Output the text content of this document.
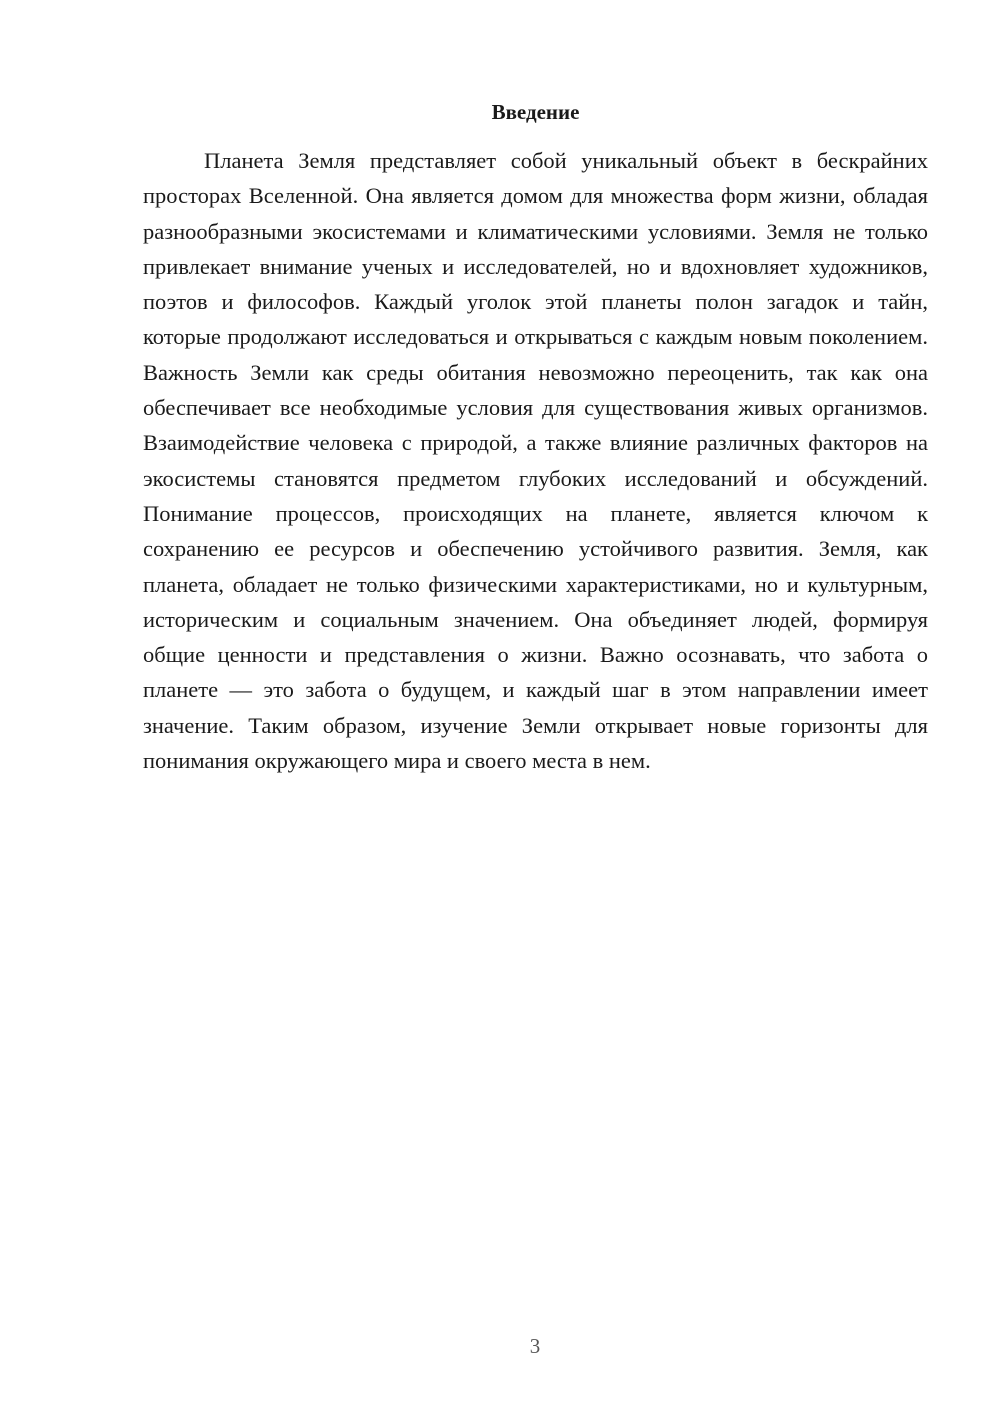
Введение

Планета Земля представляет собой уникальный объект в бескрайних просторах Вселенной. Она является домом для множества форм жизни, обладая разнообразными экосистемами и климатическими условиями. Земля не только привлекает внимание ученых и исследователей, но и вдохновляет художников, поэтов и философов. Каждый уголок этой планеты полон загадок и тайн, которые продолжают исследоваться и открываться с каждым новым поколением. Важность Земли как среды обитания невозможно переоценить, так как она обеспечивает все необходимые условия для существования живых организмов. Взаимодействие человека с природой, а также влияние различных факторов на экосистемы становятся предметом глубоких исследований и обсуждений. Понимание процессов, происходящих на планете, является ключом к сохранению ее ресурсов и обеспечению устойчивого развития. Земля, как планета, обладает не только физическими характеристиками, но и культурным, историческим и социальным значением. Она объединяет людей, формируя общие ценности и представления о жизни. Важно осознавать, что забота о планете — это забота о будущем, и каждый шаг в этом направлении имеет значение. Таким образом, изучение Земли открывает новые горизонты для понимания окружающего мира и своего места в нем.

3
